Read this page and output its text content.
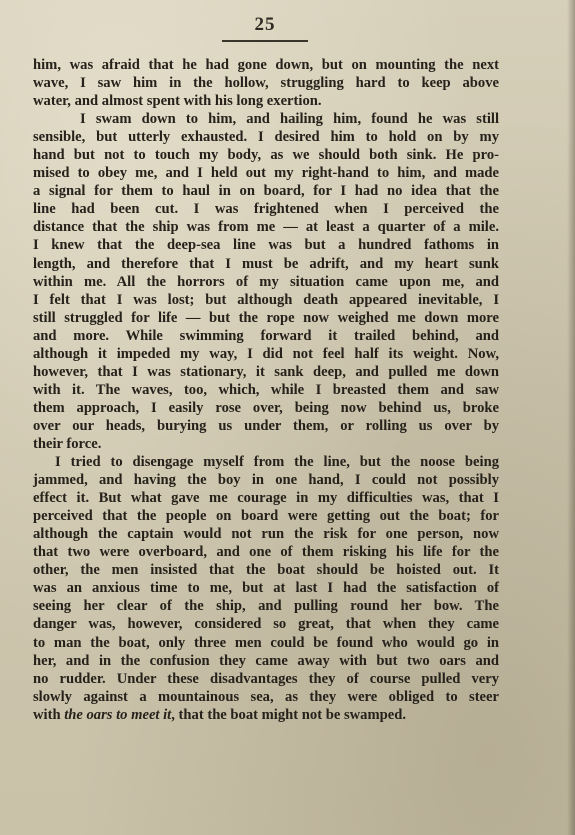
25
him, was afraid that he had gone down, but on mounting the next
wave, I saw him in the hollow, struggling hard to keep above
water, and almost spent with his long exertion.
I swam down to him, and hailing him, found he was still
sensible, but utterly exhausted. I desired him to hold on by my
hand but not to touch my body, as we should both sink. He pro-
mised to obey me, and I held out my right-hand to him, and made
a signal for them to haul in on board, for I had no idea that the
line had been cut. I was frightened when I perceived the
distance that the ship was from me — at least a quarter of a mile.
I knew that the deep-sea line was but a hundred fathoms in
length, and therefore that I must be adrift, and my heart sunk
within me. All the horrors of my situation came upon me, and
I felt that I was lost; but although death appeared inevitable, I
still struggled for life — but the rope now weighed me down more
and more. While swimming forward it trailed behind, and
although it impeded my way, I did not feel half its weight. Now,
however, that I was stationary, it sank deep, and pulled me down
with it. The waves, too, which, while I breasted them and saw
them approach, I easily rose over, being now behind us, broke
over our heads, burying us under them, or rolling us over by
their force.
I tried to disengage myself from the line, but the noose being
jammed, and having the boy in one hand, I could not possibly
effect it. But what gave me courage in my difficulties was, that I
perceived that the people on board were getting out the boat; for
although the captain would not run the risk for one person, now
that two were overboard, and one of them risking his life for the
other, the men insisted that the boat should be hoisted out. It
was an anxious time to me, but at last I had the satisfaction of
seeing her clear of the ship, and pulling round her bow. The
danger was, however, considered so great, that when they came
to man the boat, only three men could be found who would go in
her, and in the confusion they came away with but two oars and
no rudder. Under these disadvantages they of course pulled very
slowly against a mountainous sea, as they were obliged to steer
with the oars to meet it, that the boat might not be swamped.
